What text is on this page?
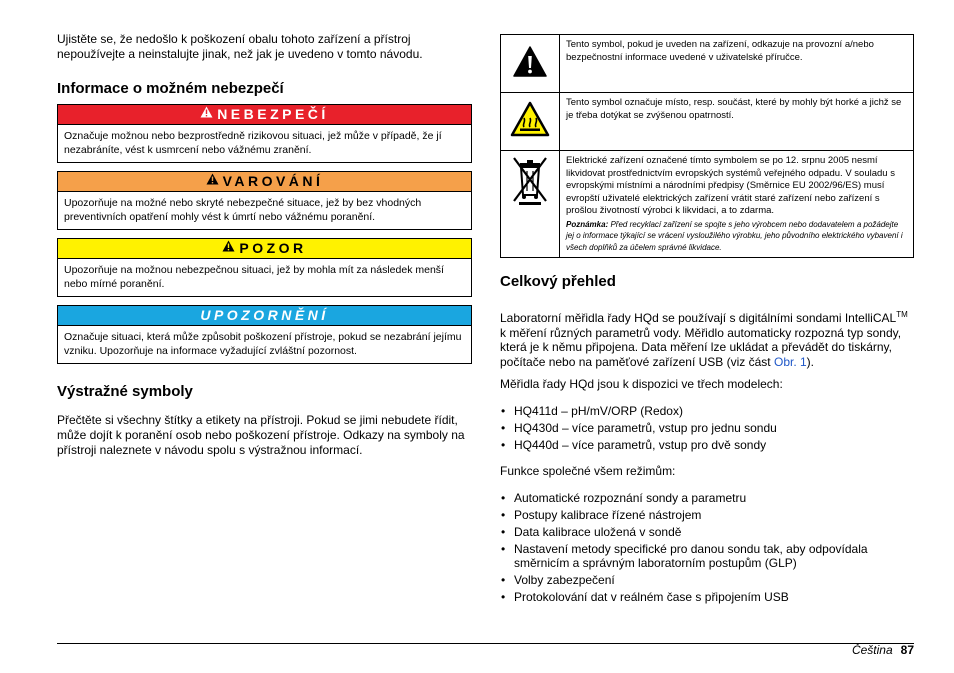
Ujistěte se, že nedošlo k poškození obalu tohoto zařízení a přístroj nepoužívejte a neinstalujte jinak, než jak je uvedeno v tomto návodu.

Informace o možném nebezpečí
NEBEZPEČÍ
Označuje možnou nebo bezprostředně rizikovou situaci, jež může v případě, že jí nezabráníte, vést k usmrcení nebo vážnému zranění.
VAROVÁNÍ
Upozorňuje na možné nebo skryté nebezpečné situace, jež by bez vhodných preventivních opatření mohly vést k úmrtí nebo vážnému poranění.
POZOR
Upozorňuje na možnou nebezpečnou situaci, jež by mohla mít za následek menší nebo mírné poranění.
UPOZORNĚNÍ
Označuje situaci, která může způsobit poškození přístroje, pokud se nezabrání jejímu vzniku. Upozorňuje na informace vyžadující zvláštní pozornost.
Výstražné symboly

Přečtěte si všechny štítky a etikety na přístroji. Pokud se jimi nebudete řídit, může dojít k poranění osob nebo poškození přístroje. Odkazy na symboly na přístroji naleznete v návodu spolu s výstražnou informací.

	Tento symbol, pokud je uveden na zařízení, odkazuje na provozní a/nebo bezpečnostní informace uvedené v uživatelské příručce.
	Tento symbol označuje místo, resp. součást, které by mohly být horké a jichž se je třeba dotýkat se zvýšenou opatrností.

Elektrické zařízení označené tímto symbolem se po 12. srpnu 2005 nesmí likvidovat prostřednictvím evropských systémů veřejného odpadu. V souladu s evropskými místními a národními předpisy (Směrnice EU 2002/96/ES) musí evropští uživatelé elektrických zařízení vrátit staré zařízení nebo zařízení s prošlou životností výrobci k likvidaci, a to zdarma.
Poznámka: Před recyklací zařízení se spojte s jeho výrobcem nebo dodavatelem a požádejte jej o informace týkající se vrácení vysloužilého výrobku, jeho původního elektrického vybavení i všech doplňků za účelem správné likvidace.
Celkový přehled

Laboratorní měřidla řady HQd se používají s digitálními sondami IntelliCAL™ k měření různých parametrů vody. Měřidlo automaticky rozpozná typ sondy, která je k němu připojena. Data měření lze ukládat a převádět do tiskárny, počítače nebo na paměťové zařízení USB (viz část Obr. 1).

Měřidla řady HQd jsou k dispozici ve třech modelech:

• HQ411d – pH/mV/ORP (Redox)
• HQ430d – více parametrů, vstup pro jednu sondu
• HQ440d – více parametrů, vstup pro dvě sondy

Funkce společné všem režimům:

• Automatické rozpoznání sondy a parametru
• Postupy kalibrace řízené nástrojem
• Data kalibrace uložená v sondě
• Nastavení metody specifické pro danou sondu tak, aby odpovídala směrnicím a správným laboratorním postupům (GLP)
• Volby zabezpečení
• Protokolování dat v reálném čase s připojením USB
Čeština 87
